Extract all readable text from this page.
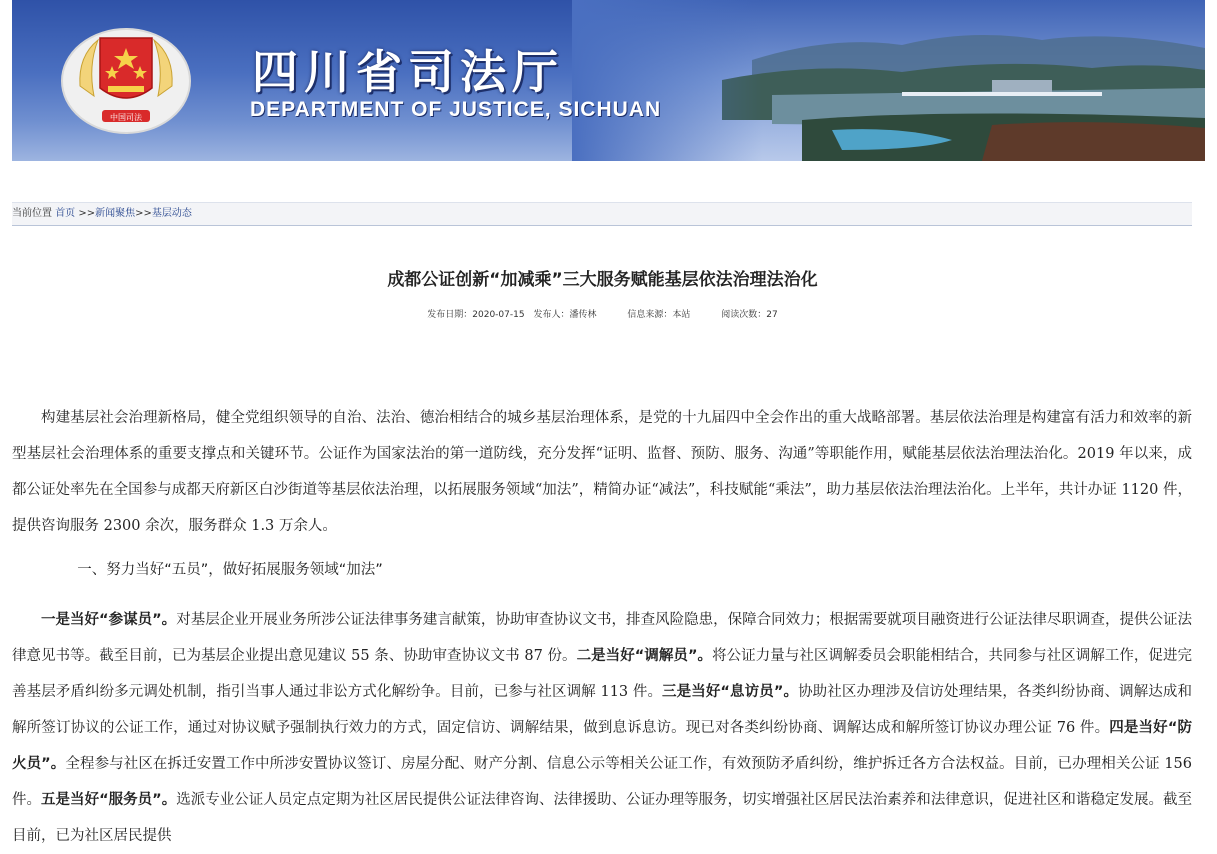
中国司法
四川省司法厅
DEPARTMENT OF JUSTICE, SICHUAN
当前位置 首页 >>新闻聚焦>>基层动态
成都公证创新“加减乘”三大服务赋能基层依法治理法治化
发布日期：2020-07-15 发布人：潘传林	信息来源：本站	阅读次数：27

构建基层社会治理新格局，健全党组织领导的自治、法治、德治相结合的城乡基层治理体系，是党的十九届四中全会作出的重大战略部署。基层依法治理是构建富有活力和效率的新型基层社会治理体系的重要支撑点和关键环节。公证作为国家法治的第一道防线，充分发挥“证明、监督、预防、服务、沟通”等职能作用，赋能基层依法治理法治化。2019 年以来，成都公证处率先在全国参与成都天府新区白沙街道等基层依法治理，以拓展服务领域“加法”，精简办证“减法”，科技赋能“乘法”，助力基层依法治理法治化。上半年，共计办证 1120 件，提供咨询服务 2300 余次，服务群众 1.3 万余人。

一、努力当好“五员”，做好拓展服务领域“加法”

一是当好“参谋员”。对基层企业开展业务所涉公证法律事务建言献策，协助审查协议文书，排查风险隐患，保障合同效力；根据需要就项目融资进行公证法律尽职调查，提供公证法律意见书等。截至目前，已为基层企业提出意见建议 55 条、协助审查协议文书 87 份。二是当好“调解员”。将公证力量与社区调解委员会职能相结合，共同参与社区调解工作，促进完善基层矛盾纠纷多元调处机制，指引当事人通过非讼方式化解纷争。目前，已参与社区调解 113 件。三是当好“息访员”。协助社区办理涉及信访处理结果，各类纠纷协商、调解达成和解所签订协议的公证工作，通过对协议赋予强制执行效力的方式，固定信访、调解结果，做到息诉息访。现已对各类纠纷协商、调解达成和解所签订协议办理公证 76 件。四是当好“防火员”。全程参与社区在拆迁安置工作中所涉安置协议签订、房屋分配、财产分割、信息公示等相关公证工作，有效预防矛盾纠纷，维护拆迁各方合法权益。目前，已办理相关公证 156 件。五是当好“服务员”。选派专业公证人员定点定期为社区居民提供公证法律咨询、法律援助、公证办理等服务，切实增强社区居民法治素养和法律意识，促进社区和谐稳定发展。截至目前，已为社区居民提供
